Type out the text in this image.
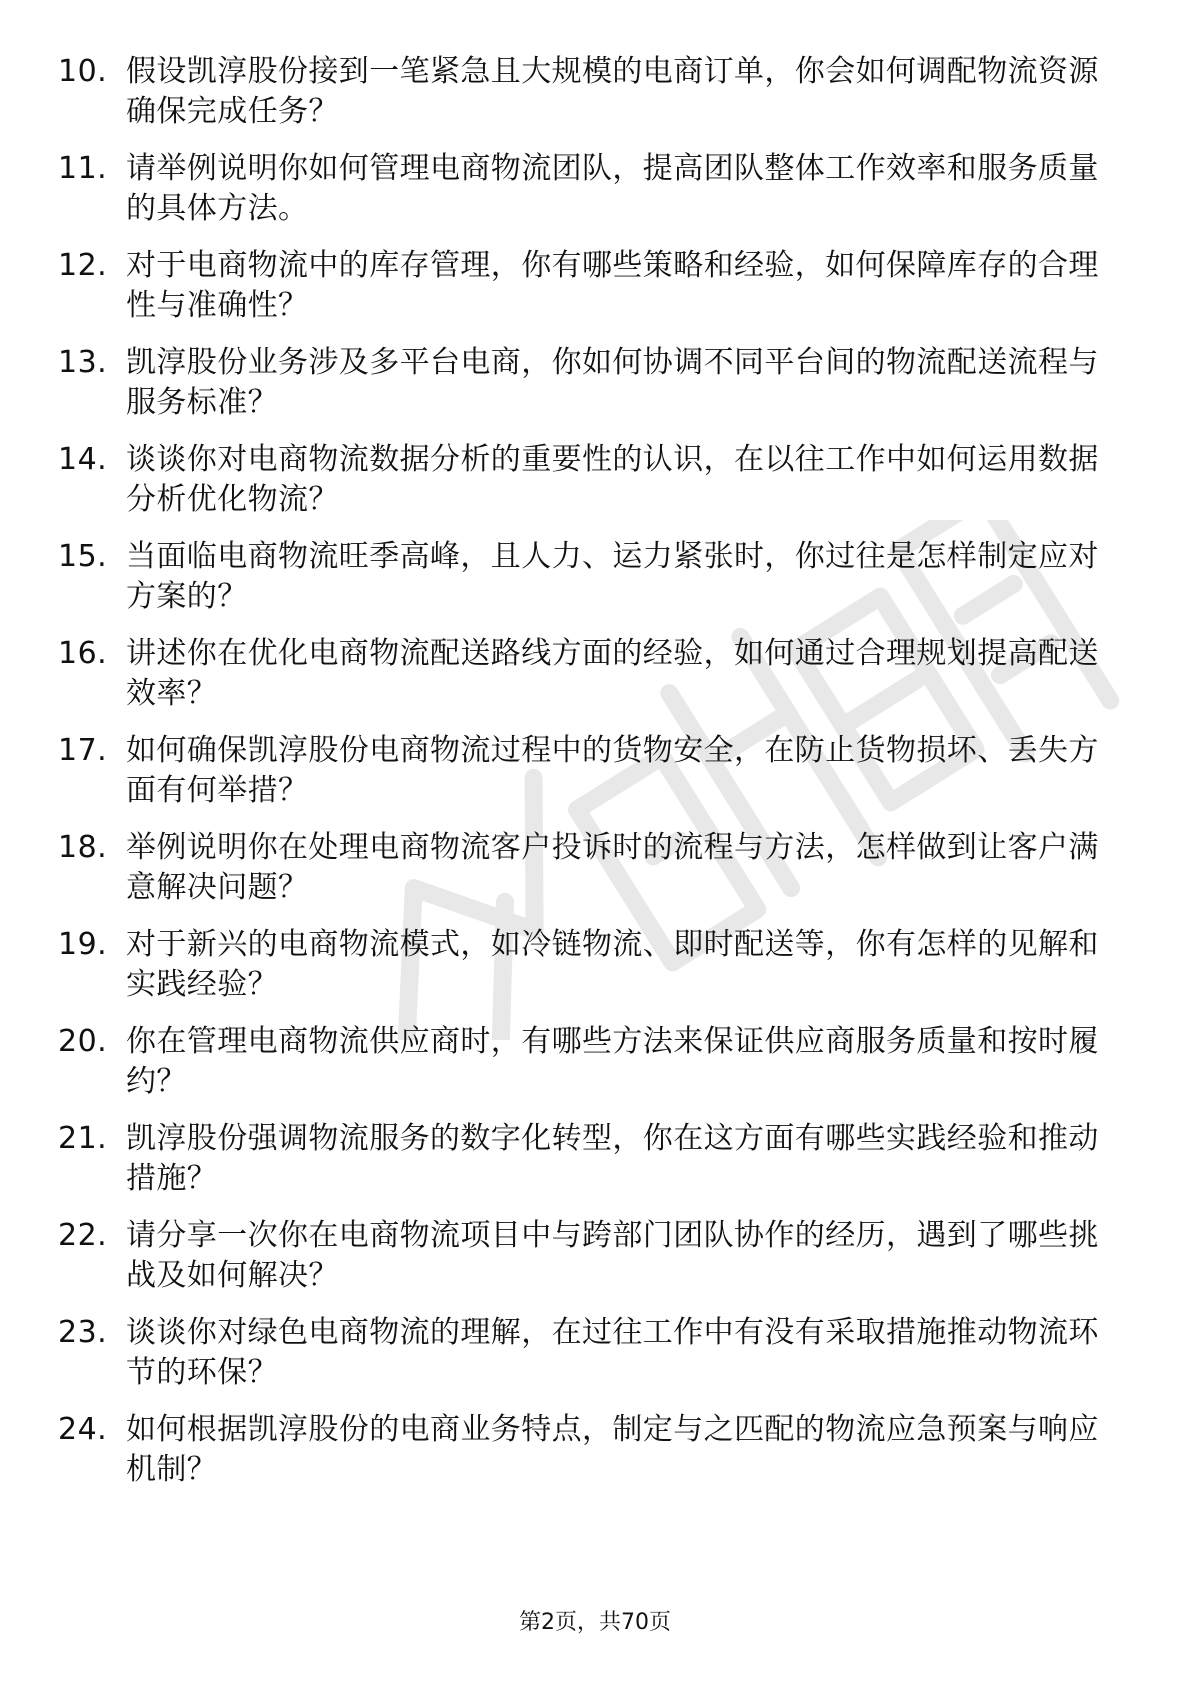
10. 假设凯淳股份接到一笔紧急且大规模的电商订单，你会如何调配物流资源确保完成任务？
11. 请举例说明你如何管理电商物流团队，提高团队整体工作效率和服务质量的具体方法。
12. 对于电商物流中的库存管理，你有哪些策略和经验，如何保障库存的合理性与准确性？
13. 凯淳股份业务涉及多平台电商，你如何协调不同平台间的物流配送流程与服务标准？
14. 谈谈你对电商物流数据分析的重要性的认识，在以往工作中如何运用数据分析优化物流？
15. 当面临电商物流旺季高峰，且人力、运力紧张时，你过往是怎样制定应对方案的？
16. 讲述你在优化电商物流配送路线方面的经验，如何通过合理规划提高配送效率？
17. 如何确保凯淳股份电商物流过程中的货物安全，在防止货物损坏、丢失方面有何举措？
18. 举例说明你在处理电商物流客户投诉时的流程与方法，怎样做到让客户满意解决问题？
19. 对于新兴的电商物流模式，如冷链物流、即时配送等，你有怎样的见解和实践经验？
20. 你在管理电商物流供应商时，有哪些方法来保证供应商服务质量和按时履约？
21. 凯淳股份强调物流服务的数字化转型，你在这方面有哪些实践经验和推动措施？
22. 请分享一次你在电商物流项目中与跨部门团队协作的经历，遇到了哪些挑战及如何解决？
23. 谈谈你对绿色电商物流的理解，在过往工作中有没有采取措施推动物流环节的环保？
24. 如何根据凯淳股份的电商业务特点，制定与之匹配的物流应急预案与响应机制？
第2页，共70页
